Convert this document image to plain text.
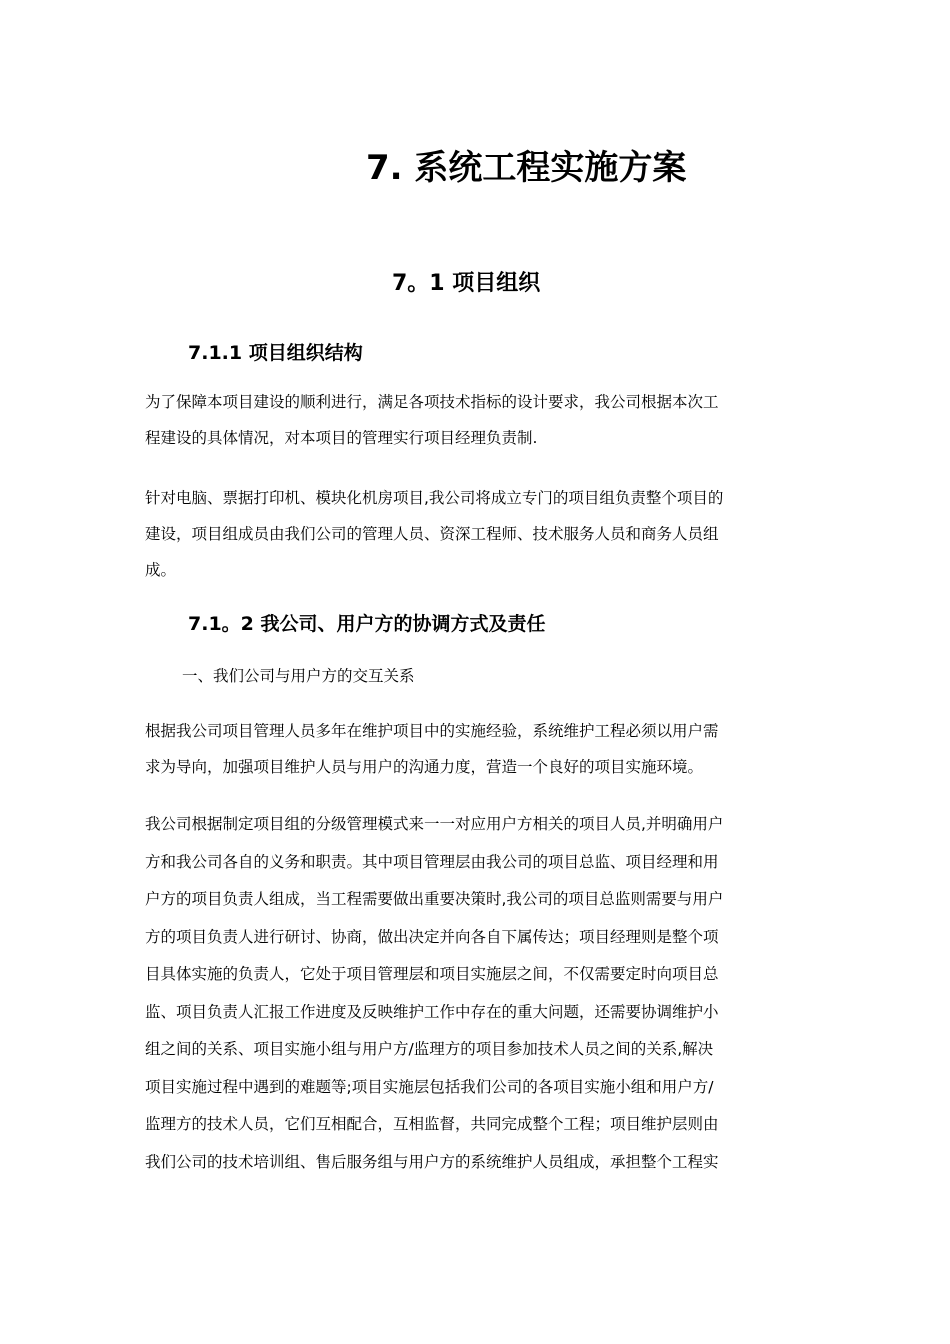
7. 系统工程实施方案
7。1 项目组织
7.1.1 项目组织结构
为了保障本项目建设的顺利进行，满足各项技术指标的设计要求，我公司根据本次工
程建设的具体情况，对本项目的管理实行项目经理负责制.
针对电脑、票据打印机、模块化机房项目,我公司将成立专门的项目组负责整个项目的
建设，项目组成员由我们公司的管理人员、资深工程师、技术服务人员和商务人员组
成。
7.1。2 我公司、用户方的协调方式及责任
一、我们公司与用户方的交互关系
根据我公司项目管理人员多年在维护项目中的实施经验，系统维护工程必须以用户需
求为导向，加强项目维护人员与用户的沟通力度，营造一个良好的项目实施环境。
我公司根据制定项目组的分级管理模式来一一对应用户方相关的项目人员,并明确用户
方和我公司各自的义务和职责。其中项目管理层由我公司的项目总监、项目经理和用
户方的项目负责人组成，当工程需要做出重要决策时,我公司的项目总监则需要与用户
方的项目负责人进行研讨、协商，做出决定并向各自下属传达；项目经理则是整个项
目具体实施的负责人，它处于项目管理层和项目实施层之间，不仅需要定时向项目总
监、项目负责人汇报工作进度及反映维护工作中存在的重大问题，还需要协调维护小
组之间的关系、项目实施小组与用户方/监理方的项目参加技术人员之间的关系,解决
项目实施过程中遇到的难题等;项目实施层包括我们公司的各项目实施小组和用户方/
监理方的技术人员，它们互相配合，互相监督，共同完成整个工程；项目维护层则由
我们公司的技术培训组、售后服务组与用户方的系统维护人员组成，承担整个工程实
